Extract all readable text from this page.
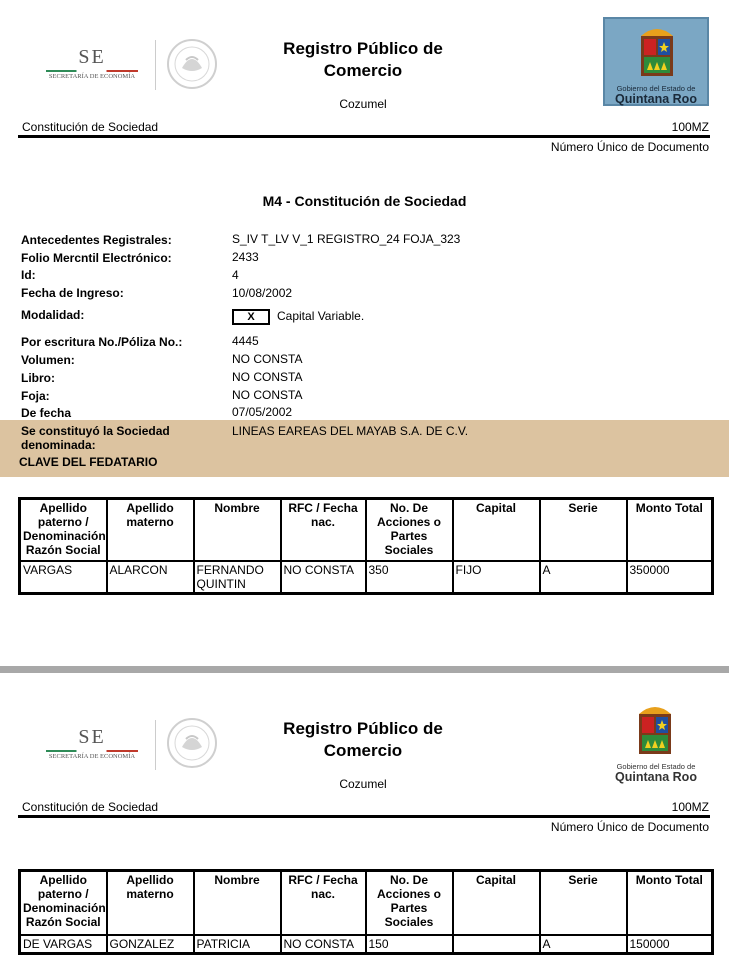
SE
SECRETARÍA DE ECONOMÍA
Registro Público de
Comercio
Cozumel
Gobierno del Estado de
Quintana Roo
Constitución de Sociedad	100MZ
Número Único de Documento
M4 - Constitución de Sociedad
Antecedentes Registrales:	S_IV T_LV V_1 REGISTRO_24 FOJA_323
Folio Mercntil Electrónico:	2433
Id:	4
Fecha de Ingreso:	10/08/2002
Modalidad:	X	Capital Variable.
Por escritura No./Póliza No.:	4445
Volumen:	NO CONSTA
Libro:	NO CONSTA
Foja:	NO CONSTA
De fecha	07/05/2002
Se constituyó la Sociedad
denominada:
LINEAS EAREAS DEL MAYAB S.A. DE C.V.
CLAVE DEL FEDATARIO
Apellido paterno / Denominación Razón Social	Apellido materno	Nombre	RFC / Fecha nac.	No. De Acciones o Partes Sociales	Capital	Serie	Monto Total
VARGAS	ALARCON	FERNANDO QUINTIN	NO CONSTA	350	FIJO	A	350000
SE
SECRETARÍA DE ECONOMÍA
Registro Público de
Comercio
Cozumel
Gobierno del Estado de
Quintana Roo
Constitución de Sociedad	100MZ
Número Único de Documento
Apellido paterno / Denominación Razón Social	Apellido materno	Nombre	RFC / Fecha nac.	No. De Acciones o Partes Sociales	Capital	Serie	Monto Total
DE VARGAS	GONZALEZ	PATRICIA	NO CONSTA	150		A	150000
